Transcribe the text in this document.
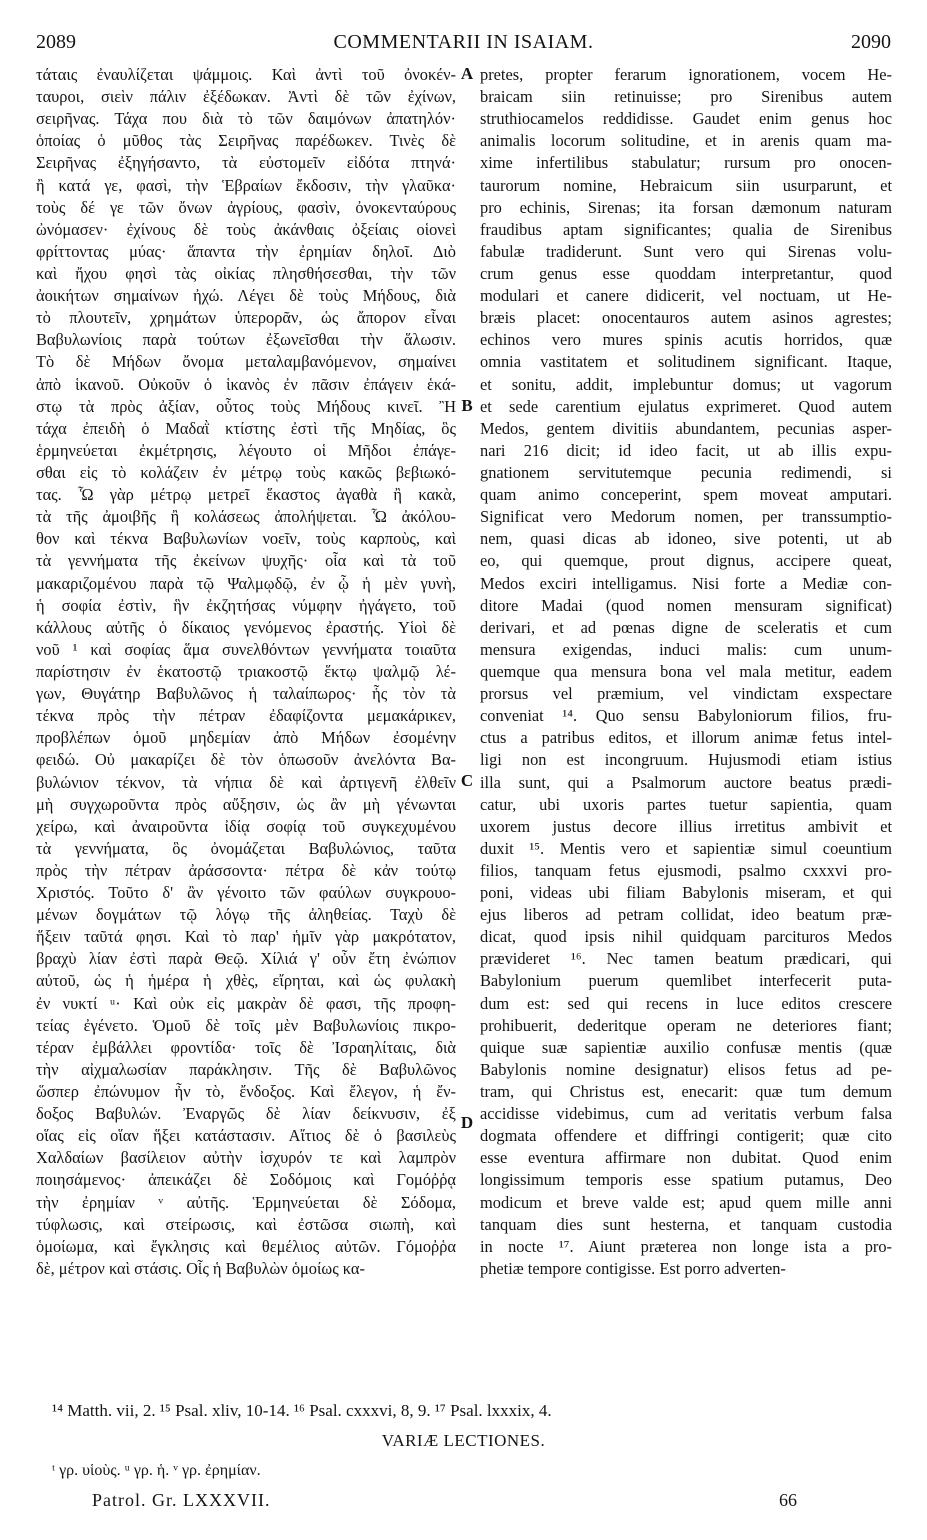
2089	COMMENTARII IN ISAIAM.	2090
τάταις ἐναυλίζεται ψάμμοις. Καὶ ἀντὶ τοῦ ὀνοκέν-
ταυροι, σιεὶν πάλιν ἐξέδωκαν. Ἀντὶ δὲ τῶν ἐχίνων,
σειρῆνας. Τάχα που διὰ τὸ τῶν δαιμόνων ἀπατηλόν·
ὁποίας ὁ μῦθος τὰς Σειρῆνας παρέδωκεν. Τινὲς δὲ
Σειρῆνας ἐξηγήσαντο, τὰ εὐστομεῖν εἰδότα πτηνά·
ἢ κατά γε, φασὶ, τὴν Ἑβραίων ἔκδοσιν, τὴν γλαῦκα·
τοὺς δέ γε τῶν ὄνων ἀγρίους, φασὶν, ὀνοκενταύρους
ὠνόμασεν· ἐχίνους δὲ τοὺς ἀκάνθαις ὀξείαις οἱονεὶ
φρίττοντας μύας· ἅπαντα τὴν ἐρημίαν δηλοῖ. Διὸ
καὶ ἤχου φησὶ τὰς οἰκίας πλησθήσεσθαι, τὴν τῶν
ἀοικήτων σημαίνων ἠχώ. Λέγει δὲ τοὺς Μήδους, διὰ
τὸ πλουτεῖν, χρημάτων ὑπερορᾶν, ὡς ἄπορον εἶναι
Βαβυλωνίοις παρὰ τούτων ἐξωνεῖσθαι τὴν ἅλωσιν.
Τὸ δὲ Μήδων ὄνομα μεταλαμβανόμενον, σημαίνει
ἀπὸ ἱκανοῦ. Οὐκοῦν ὁ ἱκανὸς ἐν πᾶσιν ἐπάγειν ἑκά-
στῳ τὰ πρὸς ἀξίαν, οὗτος τοὺς Μήδους κινεῖ. Ἢ
τάχα ἐπειδὴ ὁ Μαδαῒ κτίστης ἐστὶ τῆς Μηδίας, ὃς
ἑρμηνεύεται ἐκμέτρησις, λέγουτο οἱ Μῆδοι ἐπάγε-
σθαι εἰς τὸ κολάζειν ἐν μέτρῳ τοὺς κακῶς βεβιωκό-
τας. Ὧ γὰρ μέτρῳ μετρεῖ ἕκαστος ἀγαθὰ ἢ κακὰ,
τὰ τῆς ἀμοιβῆς ἢ κολάσεως ἀπολήψεται. Ὧ ἀκόλου-
θον καὶ τέκνα Βαβυλωνίων νοεῖν, τοὺς καρποὺς, καὶ
τὰ γεννήματα τῆς ἐκείνων ψυχῆς· οἷα καὶ τὰ τοῦ
μακαριζομένου παρὰ τῷ Ψαλμῳδῷ, ἐν ᾧ ἡ μὲν γυνὴ,
ἡ σοφία ἐστὶν, ἣν ἐκζητήσας νύμφην ἠγάγετο, τοῦ
κάλλους αὐτῆς ὁ δίκαιος γενόμενος ἐραστής. Υἱοὶ δὲ
νοῦ ¹ καὶ σοφίας ἅμα συνελθόντων γεννήματα τοιαῦτα
παρίστησιν ἐν ἑκατοστῷ τριακοστῷ ἕκτῳ ψαλμῷ λέ-
γων, Θυγάτηρ Βαβυλῶνος ἡ ταλαίπωρος· ἧς τὸν τὰ
τέκνα πρὸς τὴν πέτραν ἐδαφίζοντα μεμακάρικεν,
προβλέπων ὁμοῦ μηδεμίαν ἀπὸ Μήδων ἐσομένην
φειδώ. Οὐ μακαρίζει δὲ τὸν ὁπωσοῦν ἀνελόντα Βα-
βυλώνιον τέκνον, τὰ νήπια δὲ καὶ ἀρτιγενῆ ἐλθεῖν
μὴ συγχωροῦντα πρὸς αὔξησιν, ὡς ἂν μὴ γένωνται
χείρω, καὶ ἀναιροῦντα ἰδίᾳ σοφίᾳ τοῦ συγκεχυμένου
τὰ γεννήματα, ὃς ὀνομάζεται Βαβυλώνιος, ταῦτα
πρὸς τὴν πέτραν ἀράσσοντα· πέτρα δὲ κἀν τούτῳ
Χριστός. Τοῦτο δ' ἂν γένοιτο τῶν φαύλων συγκρουο-
μένων δογμάτων τῷ λόγῳ τῆς ἀληθείας. Ταχὺ δὲ
ἥξειν ταῦτά φησι. Καὶ τὸ παρ' ἡμῖν γὰρ μακρότατον,
βραχὺ λίαν ἐστὶ παρὰ Θεῷ. Χίλιά γ' οὖν ἔτη ἐνώπιον
αὐτοῦ, ὡς ἡ ἡμέρα ἡ χθὲς, εἴρηται, καὶ ὡς φυλακὴ
ἐν νυκτί ᵘ· Καὶ οὐκ εἰς μακρὰν δὲ φασι, τῆς προφη-
τείας ἐγένετο. Ὁμοῦ δὲ τοῖς μὲν Βαβυλωνίοις πικρο-
τέραν ἐμβάλλει φροντίδα· τοῖς δὲ Ἰσραηλίταις, διὰ
τὴν αἰχμαλωσίαν παράκλησιν. Τῆς δὲ Βαβυλῶνος
ὥσπερ ἐπώνυμον ἦν τὸ, ἔνδοξος. Καὶ ἔλεγον, ἡ ἔν-
δοξος Βαβυλών. Ἐναργῶς δὲ λίαν δείκνυσιν, ἐξ
οἵας εἰς οἵαν ἥξει κατάστασιν. Αἴτιος δὲ ὁ βασιλεὺς
Χαλδαίων βασίλειον αὐτὴν ἰσχυρόν τε καὶ λαμπρὸν
ποιησάμενος· ἀπεικάζει δὲ Σοδόμοις καὶ Γομόῤῥᾳ
τὴν ἐρημίαν ᵛ αὐτῆς. Ἑρμηνεύεται δὲ Σόδομα,
τύφλωσις, καὶ στείρωσις, καὶ ἐστῶσα σιωπὴ, καὶ
ὁμοίωμα, καὶ ἔγκλησις καὶ θεμέλιος αὐτῶν. Γόμοῤῥα
δὲ, μέτρον καὶ στάσις. Οἷς ἡ Βαβυλὼν ὁμοίως κα-
A
B
C
D
pretes, propter ferarum ignorationem, vocem He-
braicam siin retinuisse; pro Sirenibus autem
struthiocamelos reddidisse. Gaudet enim genus hoc
animalis locorum solitudine, et in arenis quam ma-
xime infertilibus stabulatur; rursum pro onocen-
taurorum nomine, Hebraicum siin usurparunt, et
pro echinis, Sirenas; ita forsan dæmonum naturam
fraudibus aptam significantes; qualia de Sirenibus
fabulæ tradiderunt. Sunt vero qui Sirenas volu-
crum genus esse quoddam interpretantur, quod
modulari et canere didicerit, vel noctuam, ut He-
bræis placet: onocentauros autem asinos agrestes;
echinos vero mures spinis acutis horridos, quæ
omnia vastitatem et solitudinem significant. Itaque,
et sonitu, addit, implebuntur domus; ut vagorum
et sede carentium ejulatus exprimeret. Quod autem
Medos, gentem divitiis abundantem, pecunias asper-
nari 216 dicit; id ideo facit, ut ab illis expu-
gnationem servitutemque pecunia redimendi, si
quam animo conceperint, spem moveat amputari.
Significat vero Medorum nomen, per transsumptio-
nem, quasi dicas ab idoneo, sive potenti, ut ab
eo, qui quemque, prout dignus, accipere queat,
Medos exciri intelligamus. Nisi forte a Mediæ con-
ditore Madai (quod nomen mensuram significat)
derivari, et ad pœnas digne de sceleratis et cum
mensura exigendas, induci malis: cum unum-
quemque qua mensura bona vel mala metitur, eadem
prorsus vel præmium, vel vindictam exspectare
conveniat ¹⁴. Quo sensu Babyloniorum filios, fru-
ctus a patribus editos, et illorum animæ fetus intel-
ligi non est incongruum. Hujusmodi etiam istius
illa sunt, qui a Psalmorum auctore beatus prædi-
catur, ubi uxoris partes tuetur sapientia, quam
uxorem justus decore illius irretitus ambivit et
duxit ¹⁵. Mentis vero et sapientiæ simul coeuntium
filios, tanquam fetus ejusmodi, psalmo cxxxvi pro-
poni, videas ubi filiam Babylonis miseram, et qui
ejus liberos ad petram collidat, ideo beatum præ-
dicat, quod ipsis nihil quidquam parcituros Medos
prævideret ¹⁶. Nec tamen beatum prædicari, qui
Babylonium puerum quemlibet interfecerit puta-
dum est: sed qui recens in luce editos crescere
prohibuerit, dederitque operam ne deteriores fiant;
quique suæ sapientiæ auxilio confusæ mentis (quæ
Babylonis nomine designatur) elisos fetus ad pe-
tram, qui Christus est, enecarit: quæ tum demum
accidisse videbimus, cum ad veritatis verbum falsa
dogmata offendere et diffringi contigerit; quæ cito
esse eventura affirmare non dubitat. Quod enim
longissimum temporis esse spatium putamus, Deo
modicum et breve valde est; apud quem mille anni
tanquam dies sunt hesterna, et tanquam custodia
in nocte ¹⁷. Aiunt præterea non longe ista a pro-
phetiæ tempore contigisse. Est porro adverten-
¹⁴ Matth. vii, 2. ¹⁵ Psal. xliv, 10-14. ¹⁶ Psal. cxxxvi, 8, 9. ¹⁷ Psal. lxxxix, 4.
VARIÆ LECTIONES.
ᵗ γρ. υἱοὺς. ᵘ γρ. ἡ. ᵛ γρ. ἐρημίαν.
Patrol. Gr. LXXXVII.	66
